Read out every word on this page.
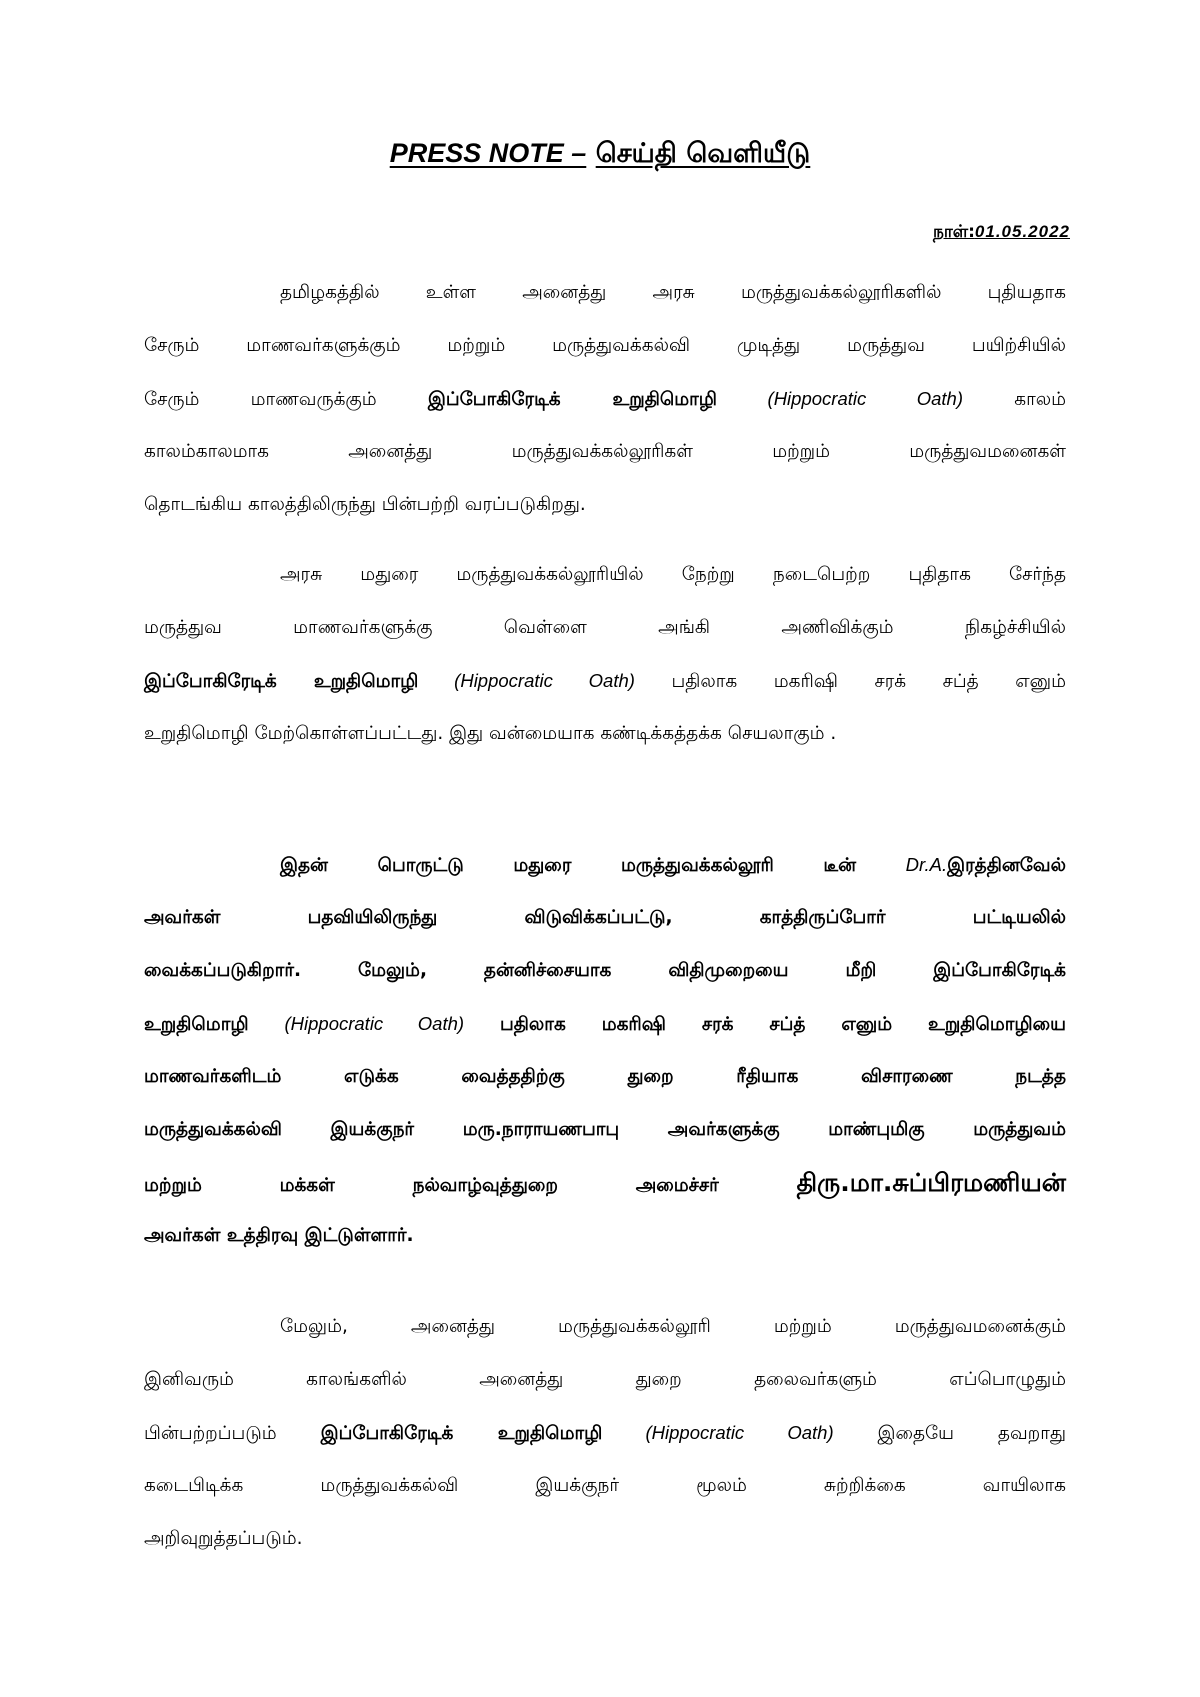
PRESS NOTE – செய்தி வெளியீடு
நாள்:01.05.2022
தமிழகத்தில் உள்ள அனைத்து அரசு மருத்துவக்கல்லூரிகளில் புதியதாக
சேரும் மாணவர்களுக்கும் மற்றும் மருத்துவக்கல்வி முடித்து மருத்துவ பயிற்சியில்
சேரும் மாணவருக்கும் இப்போகிரேடிக் உறுதிமொழி (Hippocratic Oath) காலம்
காலம்காலமாக அனைத்து மருத்துவக்கல்லூரிகள் மற்றும் மருத்துவமனைகள்
தொடங்கிய காலத்திலிருந்து பின்பற்றி வரப்படுகிறது.
அரசு மதுரை மருத்துவக்கல்லூரியில் நேற்று நடைபெற்ற புதிதாக சேர்ந்த
மருத்துவ மாணவர்களுக்கு வெள்ளை அங்கி அணிவிக்கும் நிகழ்ச்சியில்
இப்போகிரேடிக் உறுதிமொழி (Hippocratic Oath) பதிலாக மகரிஷி சரக் சப்த் எனும்
உறுதிமொழி மேற்கொள்ளப்பட்டது. இது வன்மையாக கண்டிக்கத்தக்க செயலாகும் .
இதன் பொருட்டு மதுரை மருத்துவக்கல்லூரி டீன் Dr.A.இரத்தினவேல்
அவர்கள் பதவியிலிருந்து விடுவிக்கப்பட்டு, காத்திருப்போர் பட்டியலில்
வைக்கப்படுகிறார். மேலும், தன்னிச்சையாக விதிமுறையை மீறி இப்போகிரேடிக்
உறுதிமொழி (Hippocratic Oath) பதிலாக மகரிஷி சரக் சப்த் எனும் உறுதிமொழியை
மாணவர்களிடம் எடுக்க வைத்ததிற்கு துறை ரீதியாக விசாரணை நடத்த
மருத்துவக்கல்வி இயக்குநர் மரு.நாராயணபாபு அவர்களுக்கு மாண்புமிகு மருத்துவம்
மற்றும் மக்கள் நல்வாழ்வுத்துறை அமைச்சர் திரு.மா.சுப்பிரமணியன்
அவர்கள் உத்திரவு இட்டுள்ளார்.
மேலும், அனைத்து மருத்துவக்கல்லூரி மற்றும் மருத்துவமனைக்கும்
இனிவரும் காலங்களில் அனைத்து துறை தலைவர்களும் எப்பொழுதும்
பின்பற்றப்படும் இப்போகிரேடிக் உறுதிமொழி (Hippocratic Oath) இதையே தவறாது
கடைபிடிக்க மருத்துவக்கல்வி இயக்குநர் மூலம் சுற்றிக்கை வாயிலாக
அறிவுறுத்தப்படும்.
